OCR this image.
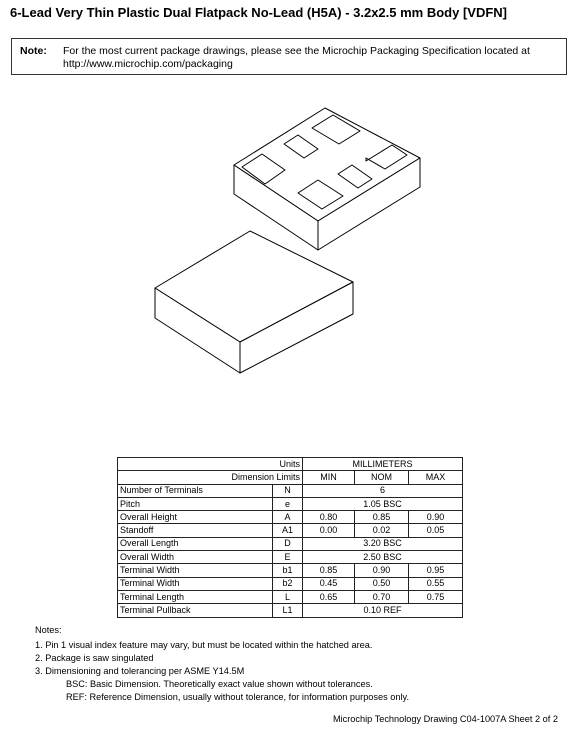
6-Lead Very Thin Plastic Dual Flatpack No-Lead (H5A) - 3.2x2.5 mm Body [VDFN]
Note: For the most current package drawings, please see the Microchip Packaging Specification located at
http://www.microchip.com/packaging
Units		MILLIMETERS		
Dimension Limits		MIN	NOM	MAX
Number of Terminals	N	6		
Pitch	e	1.05 BSC		
Overall Height	A	0.80	0.85	0.90
Standoff	A1	0.00	0.02	0.05
Overall Length	D	3.20 BSC		
Overall Width	E	2.50 BSC		
Terminal Width	b1	0.85	0.90	0.95
Terminal Width	b2	0.45	0.50	0.55
Terminal Length	L	0.65	0.70	0.75
Terminal Pullback	L1	0.10 REF		
Notes:
1. Pin 1 visual index feature may vary, but must be located within the hatched area.
2. Package is saw singulated
3. Dimensioning and tolerancing per ASME Y14.5M
BSC: Basic Dimension. Theoretically exact value shown without tolerances.
REF: Reference Dimension, usually without tolerance, for information purposes only.
Microchip Technology Drawing C04-1007A Sheet 2 of 2
